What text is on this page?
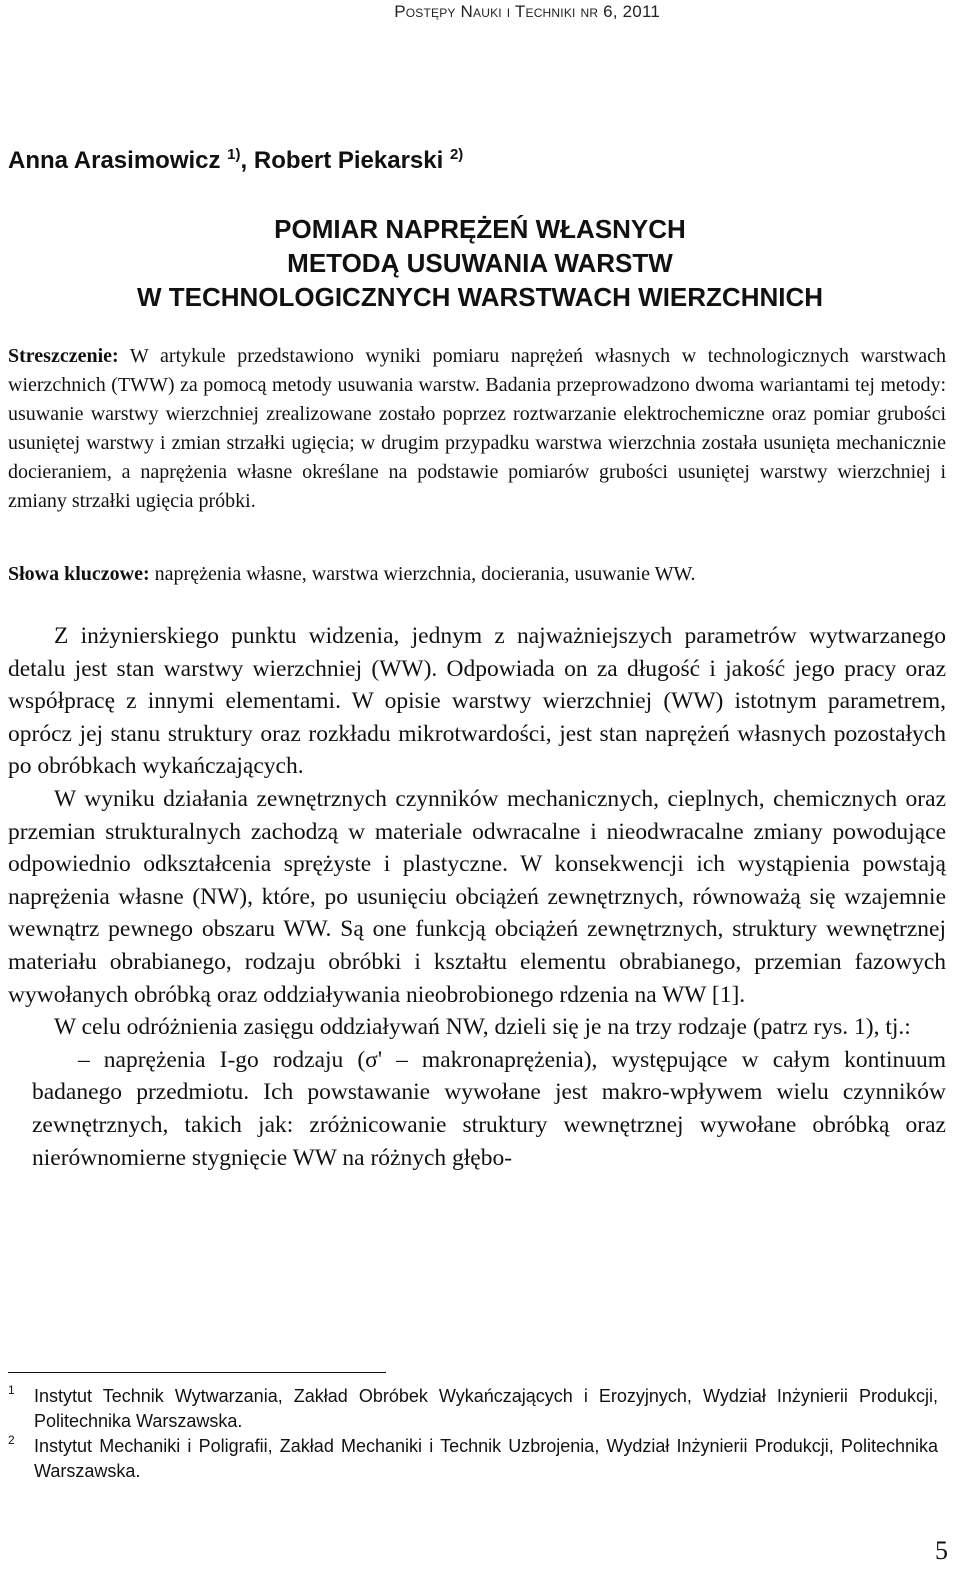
Postępy Nauki i Techniki nr 6, 2011
Anna Arasimowicz $^{1)}$, Robert Piekarski $^{2)}$
POMIAR NAPRĘŻEŃ WŁASNYCH
METODĄ USUWANIA WARSTW
W TECHNOLOGICZNYCH WARSTWACH WIERZCHNICH
Streszczenie: W artykule przedstawiono wyniki pomiaru naprężeń własnych w technologicznych warstwach wierzchnich (TWW) za pomocą metody usuwania warstw. Badania przeprowadzono dwoma wariantami tej metody: usuwanie warstwy wierzchniej zrealizowane zostało poprzez roztwarzanie elektrochemiczne oraz pomiar grubości usuniętej warstwy i zmian strzałki ugięcia; w drugim przypadku warstwa wierzchnia została usunięta mechanicznie docieraniem, a naprężenia własne określane na podstawie pomiarów grubości usuniętej warstwy wierzchniej i zmiany strzałki ugięcia próbki.
Słowa kluczowe: naprężenia własne, warstwa wierzchnia, docierania, usuwanie WW.

Z inżynierskiego punktu widzenia, jednym z najważniejszych parametrów wytwarzanego detalu jest stan warstwy wierzchniej (WW). Odpowiada on za długość i jakość jego pracy oraz współpracę z innymi elementami. W opisie warstwy wierzchniej (WW) istotnym parametrem, oprócz jej stanu struktury oraz rozkładu mikrotwardości, jest stan naprężeń własnych pozostałych po obróbkach wykańczających.

W wyniku działania zewnętrznych czynników mechanicznych, cieplnych, chemicznych oraz przemian strukturalnych zachodzą w materiale odwracalne i nieodwracalne zmiany powodujące odpowiednio odkształcenia sprężyste i plastyczne. W konsekwencji ich wystąpienia powstają naprężenia własne (NW), które, po usunięciu obciążeń zewnętrznych, równoważą się wzajemnie wewnątrz pewnego obszaru WW. Są one funkcją obciążeń zewnętrznych, struktury wewnętrznej materiału obrabianego, rodzaju obróbki i kształtu elementu obrabianego, przemian fazowych wywołanych obróbką oraz oddziaływania nieobrobionego rdzenia na WW [1].

W celu odróżnienia zasięgu oddziaływań NW, dzieli się je na trzy rodzaje (patrz rys. 1), tj.:

– naprężenia I-go rodzaju (σ' – makronaprężenia), występujące w całym kontinuum badanego przedmiotu. Ich powstawanie wywołane jest makro-wpływem wielu czynników zewnętrznych, takich jak: zróżnicowanie struktury wewnętrznej wywołane obróbką oraz nierównomierne stygnięcie WW na różnych głębo-

1 Instytut Technik Wytwarzania, Zakład Obróbek Wykańczających i Erozyjnych, Wydział Inżynierii Produkcji, Politechnika Warszawska.
2 Instytut Mechaniki i Poligrafii, Zakład Mechaniki i Technik Uzbrojenia, Wydział Inżynierii Produkcji, Politechnika Warszawska.
5
